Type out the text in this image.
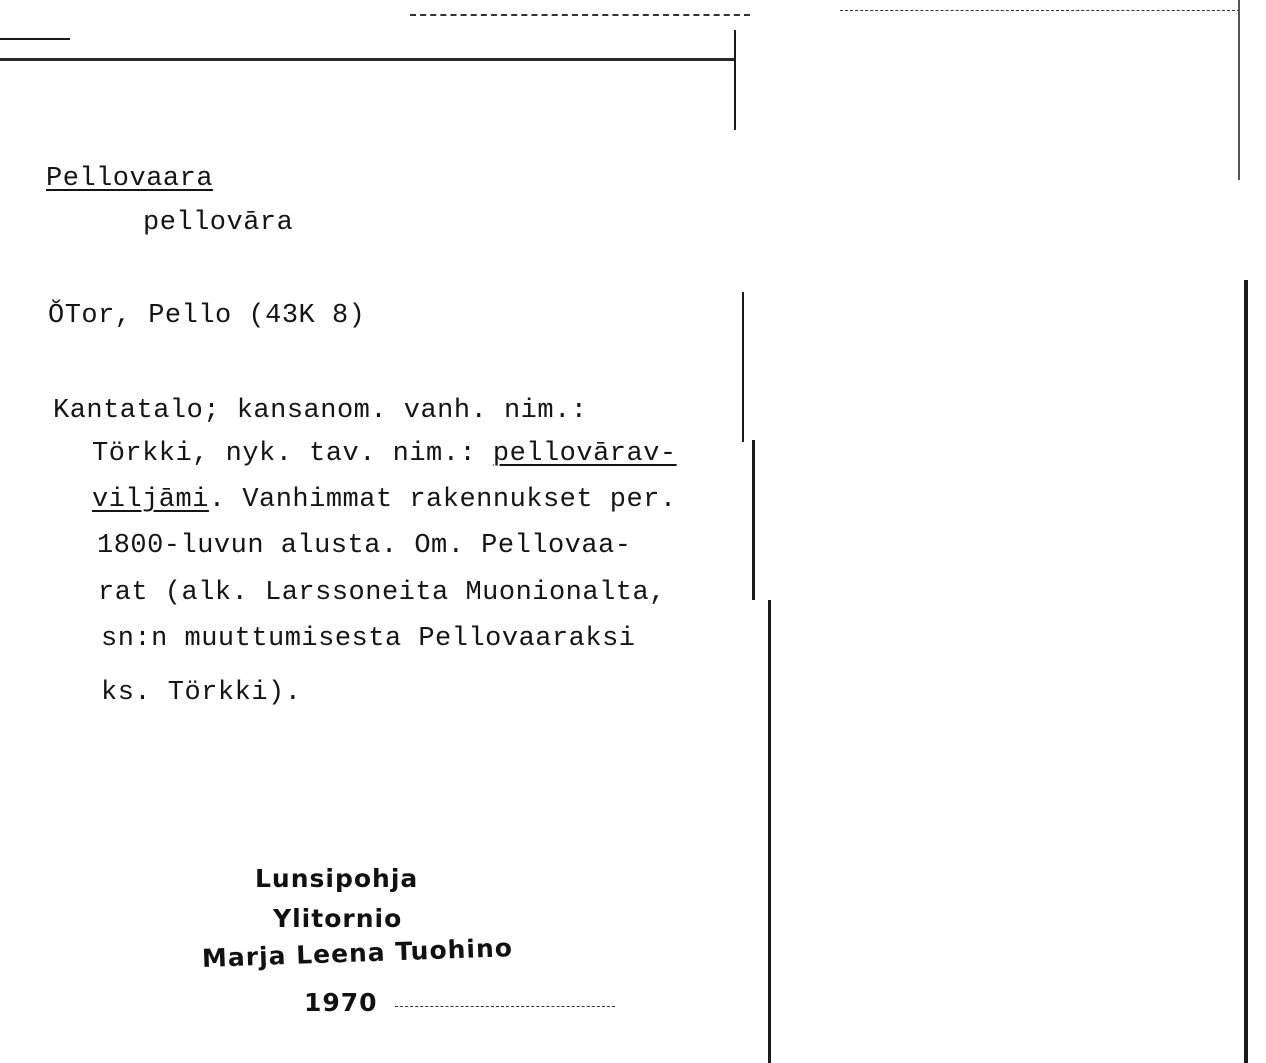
Pellovaara
pellovāra
ŎTor, Pello (43K 8)
Kantatalo; kansanom. vanh. nim.:
Törkki, nyk. tav. nim.: pellovārav-
viljāmi. Vanhimmat rakennukset per.
1800-luvun alusta. Om. Pellovaa-
rat (alk. Larssoneita Muonionalta,
sn:n muuttumisesta Pellovaaraksi
ks. Törkki).
Lunsipohja
Ylitornio
Marja Leena Tuohino
1970
